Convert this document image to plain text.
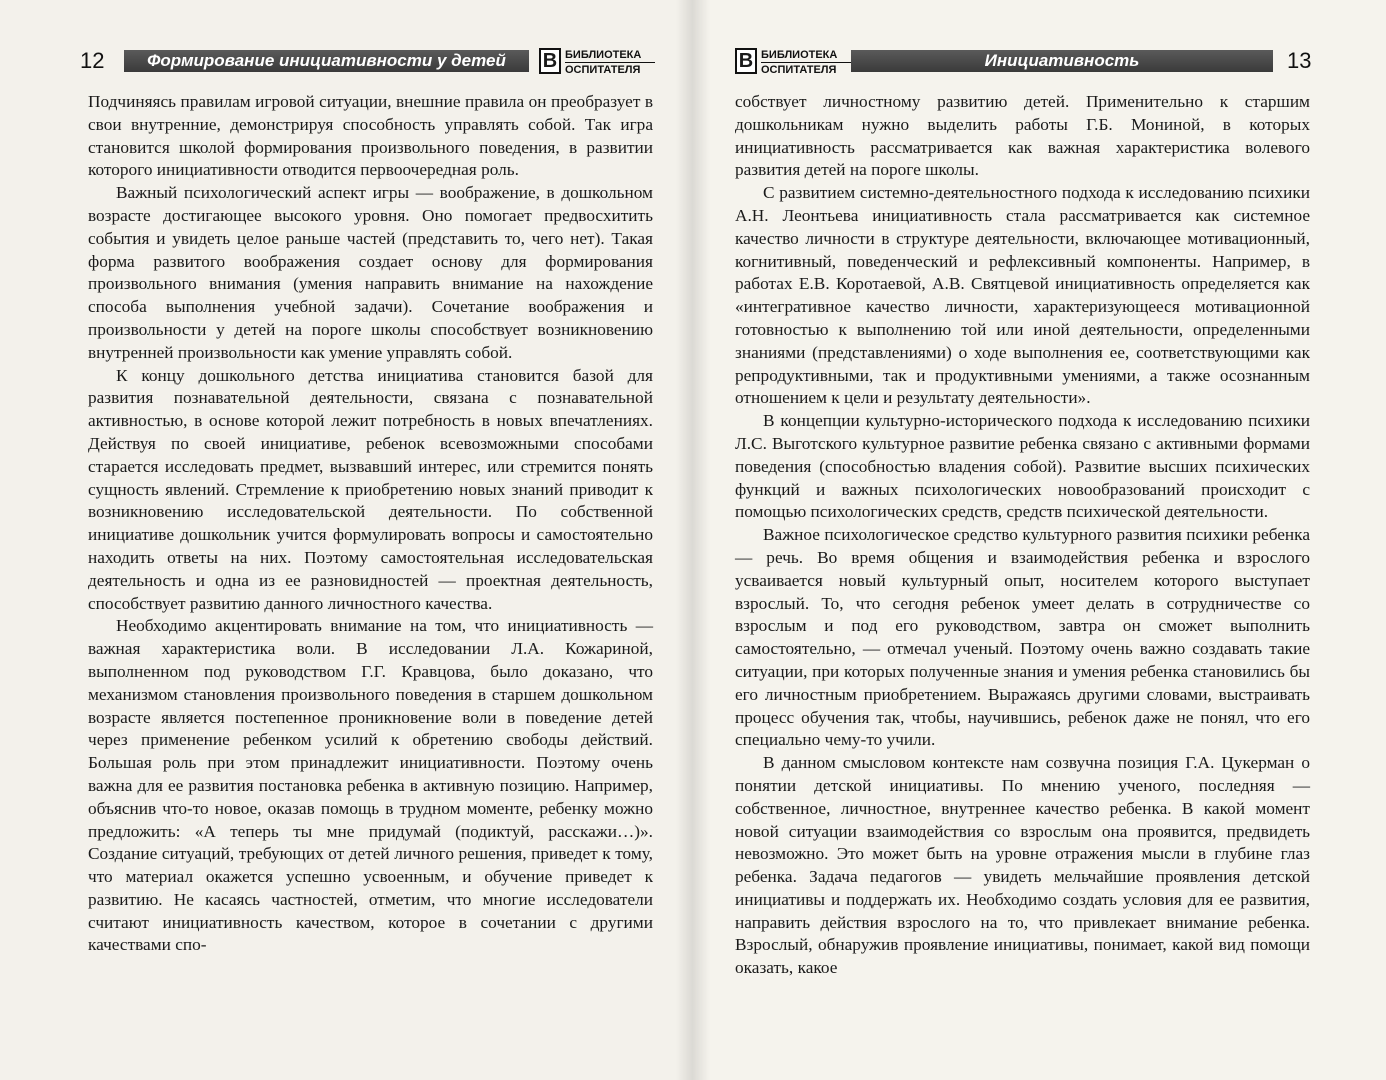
12	Формирование инициативности у детей	В БИБЛИОТЕКА
ОСПИТАТЕЛЯ

Подчиняясь правилам игровой ситуации, внешние правила он преобразует в свои внутренние, демонстрируя способность управлять собой. Так игра становится школой формирования произвольного поведения, в развитии которого инициативности отводится первоочередная роль.

Важный психологический аспект игры — воображение, в дошкольном возрасте достигающее высокого уровня. Оно помогает предвосхитить события и увидеть целое раньше частей (представить то, чего нет). Такая форма развитого воображения создает основу для формирования произвольного внимания (умения направить внимание на нахождение способа выполнения учебной задачи). Сочетание воображения и произвольности у детей на пороге школы способствует возникновению внутренней произвольности как умение управлять собой.

К концу дошкольного детства инициатива становится базой для развития познавательной деятельности, связана с познавательной активностью, в основе которой лежит потребность в новых впечатлениях. Действуя по своей инициативе, ребенок всевозможными способами старается исследовать предмет, вызвавший интерес, или стремится понять сущность явлений. Стремление к приобретению новых знаний приводит к возникновению исследовательской деятельности. По собственной инициативе дошкольник учится формулировать вопросы и самостоятельно находить ответы на них. Поэтому самостоятельная исследовательская деятельность и одна из ее разновидностей — проектная деятельность, способствует развитию данного личностного качества.

Необходимо акцентировать внимание на том, что инициативность — важная характеристика воли. В исследовании Л.А. Кожариной, выполненном под руководством Г.Г. Кравцова, было доказано, что механизмом становления произвольного поведения в старшем дошкольном возрасте является постепенное проникновение воли в поведение детей через применение ребенком усилий к обретению свободы действий. Большая роль при этом принадлежит инициативности. Поэтому очень важна для ее развития постановка ребенка в активную позицию. Например, объяснив что-то новое, оказав помощь в трудном моменте, ребенку можно предложить: «А теперь ты мне придумай (подиктуй, расскажи…)». Создание ситуаций, требующих от детей личного решения, приведет к тому, что материал окажется успешно усвоенным, и обучение приведет к развитию. Не касаясь частностей, отметим, что многие исследователи считают инициативность качеством, которое в сочетании с другими качествами спо-

В БИБЛИОТЕКА
ОСПИТАТЕЛЯ	Инициативность	13

собствует личностному развитию детей. Применительно к старшим дошкольникам нужно выделить работы Г.Б. Мониной, в которых инициативность рассматривается как важная характеристика волевого развития детей на пороге школы.

С развитием системно-деятельностного подхода к исследованию психики А.Н. Леонтьева инициативность стала рассматривается как системное качество личности в структуре деятельности, включающее мотивационный, когнитивный, поведенческий и рефлексивный компоненты. Например, в работах Е.В. Коротаевой, А.В. Святцевой инициативность определяется как «интегративное качество личности, характеризующееся мотивационной готовностью к выполнению той или иной деятельности, определенными знаниями (представлениями) о ходе выполнения ее, соответствующими как репродуктивными, так и продуктивными умениями, а также осознанным отношением к цели и результату деятельности».

В концепции культурно-исторического подхода к исследованию психики Л.С. Выготского культурное развитие ребенка связано с активными формами поведения (способностью владения собой). Развитие высших психических функций и важных психологических новообразований происходит с помощью психологических средств, средств психической деятельности.

Важное психологическое средство культурного развития психики ребенка — речь. Во время общения и взаимодействия ребенка и взрослого усваивается новый культурный опыт, носителем которого выступает взрослый. То, что сегодня ребенок умеет делать в сотрудничестве со взрослым и под его руководством, завтра он сможет выполнить самостоятельно, — отмечал ученый. Поэтому очень важно создавать такие ситуации, при которых полученные знания и умения ребенка становились бы его личностным приобретением. Выражаясь другими словами, выстраивать процесс обучения так, чтобы, научившись, ребенок даже не понял, что его специально чему-то учили.

В данном смысловом контексте нам созвучна позиция Г.А. Цукерман о понятии детской инициативы. По мнению ученого, последняя — собственное, личностное, внутреннее качество ребенка. В какой момент новой ситуации взаимодействия со взрослым она проявится, предвидеть невозможно. Это может быть на уровне отражения мысли в глубине глаз ребенка. Задача педагогов — увидеть мельчайшие проявления детской инициативы и поддержать их. Необходимо создать условия для ее развития, направить действия взрослого на то, что привлекает внимание ребенка. Взрослый, обнаружив проявление инициативы, понимает, какой вид помощи оказать, какое
